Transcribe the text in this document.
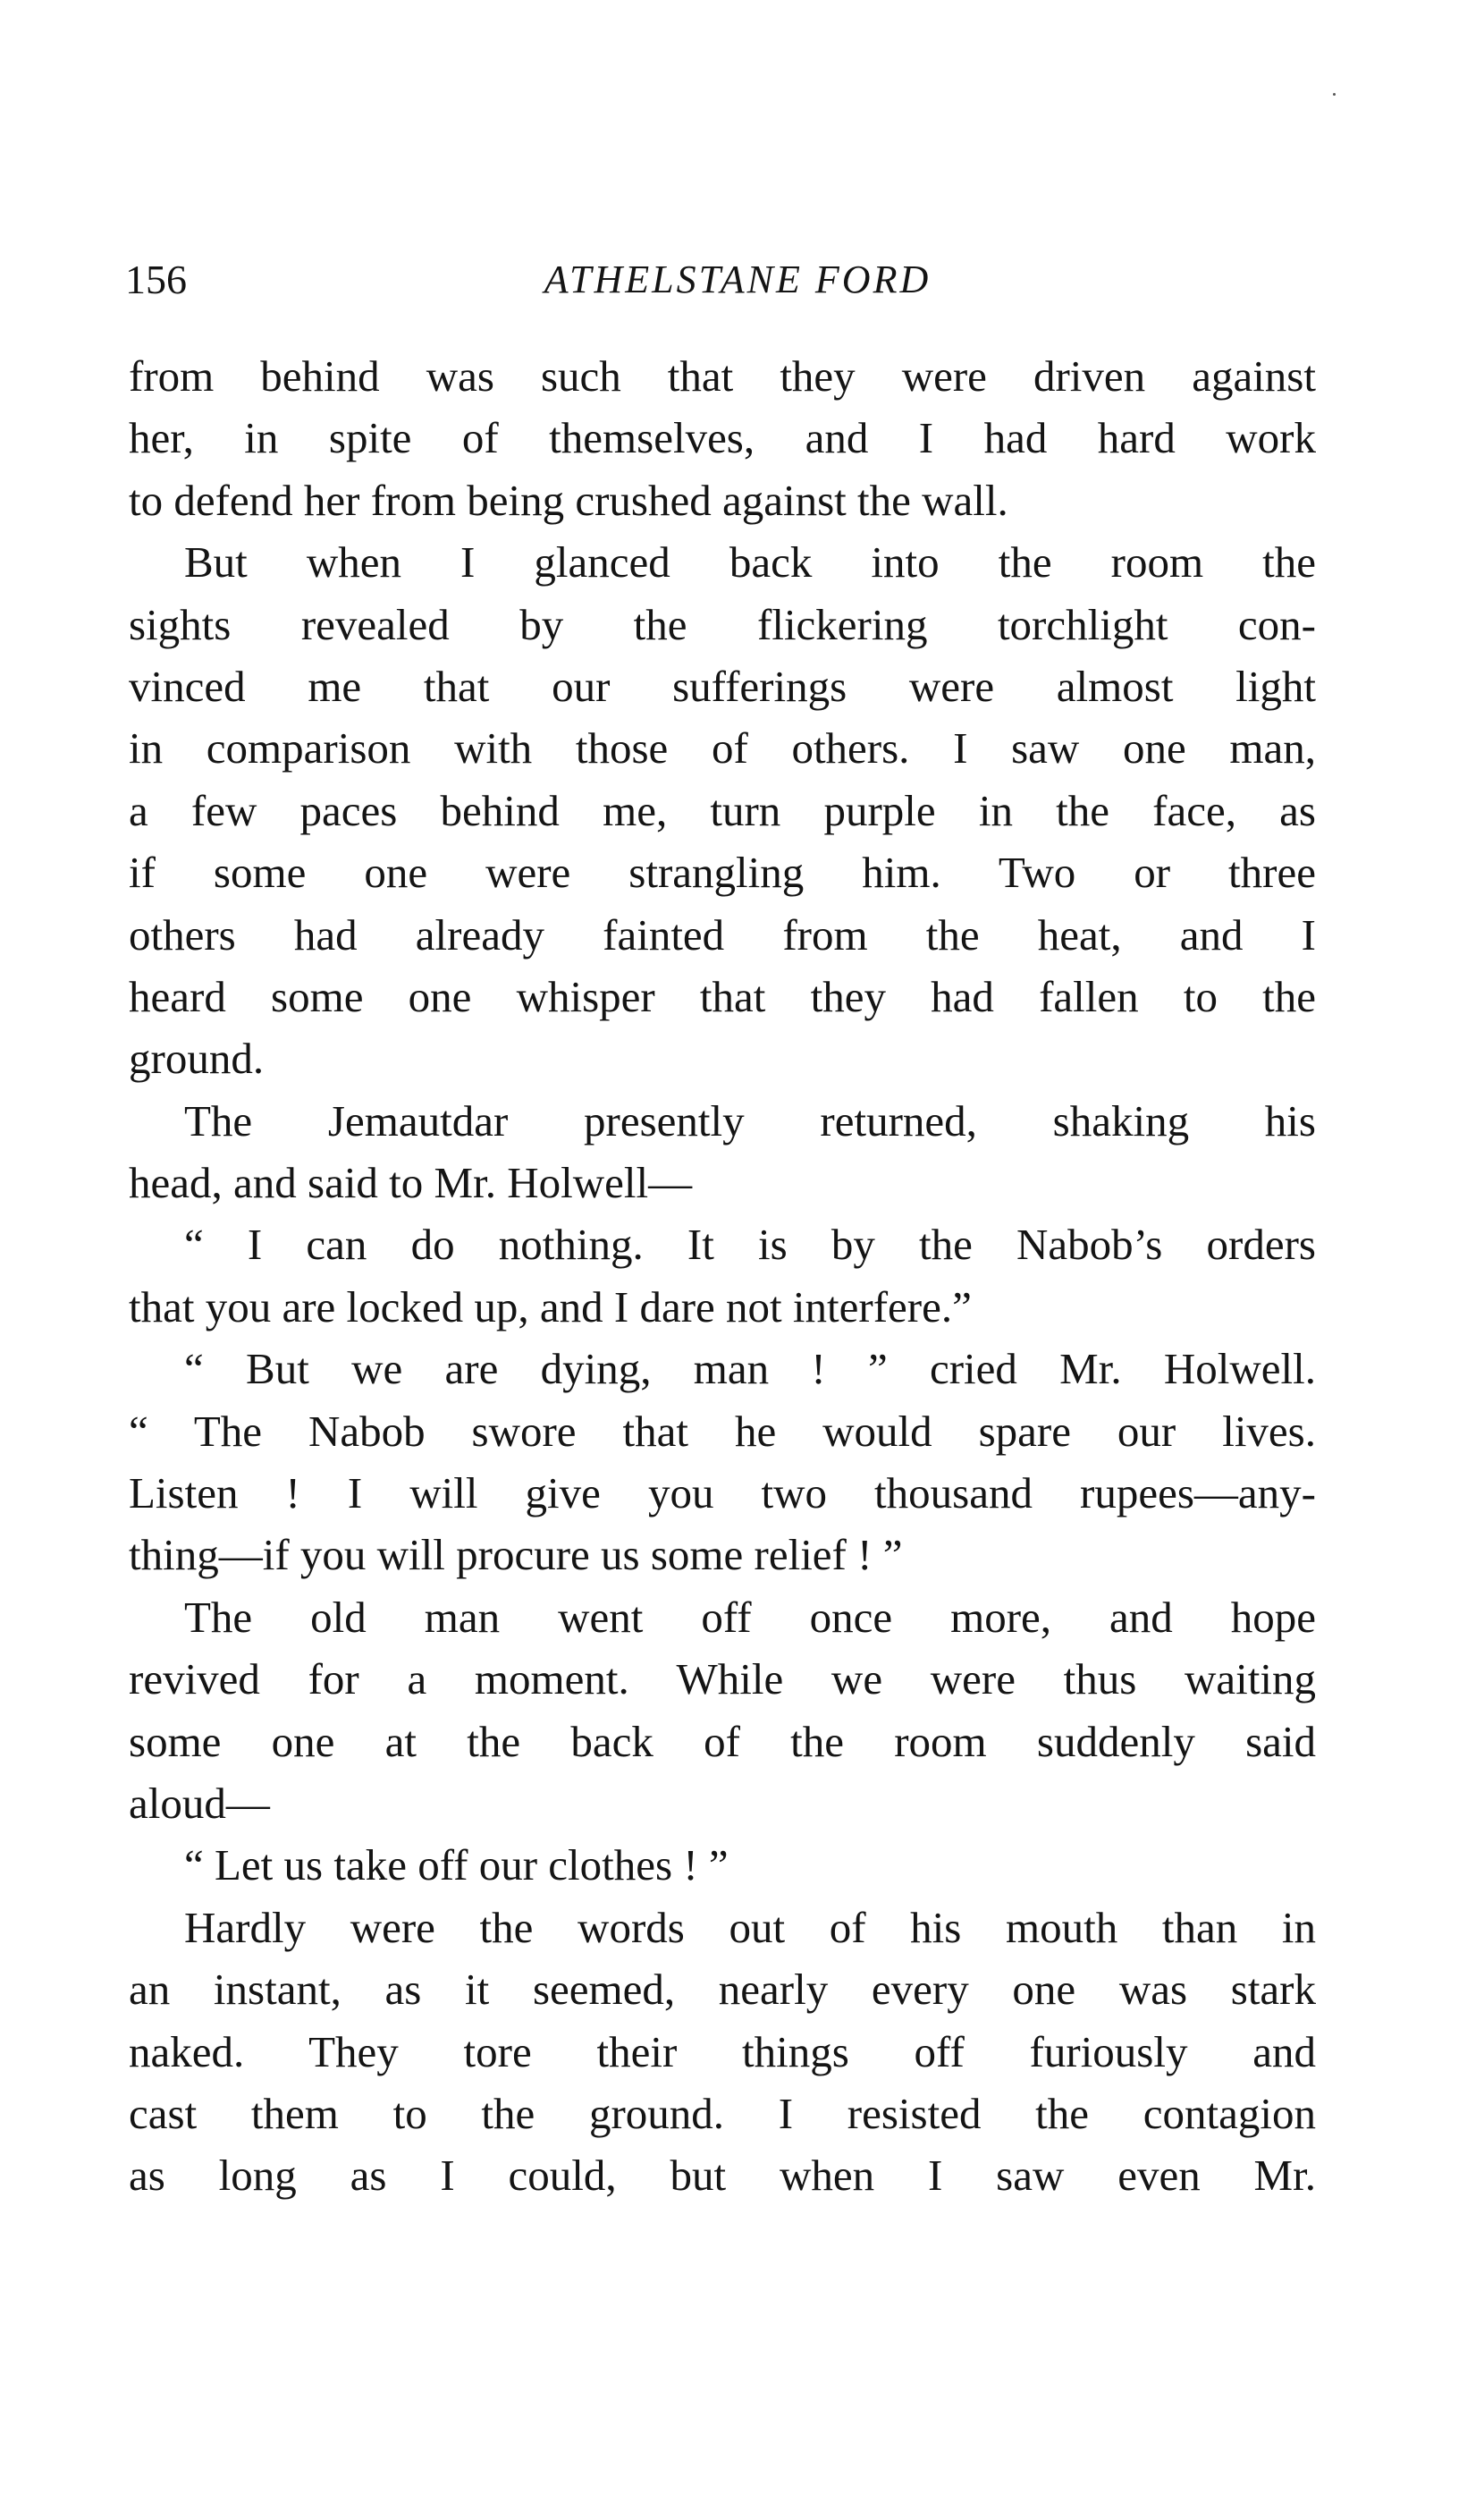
156	ATHELSTANE FORD
from behind was such that they were driven against
her, in spite of themselves, and I had hard work
to defend her from being crushed against the wall.
But when I glanced back into the room the
sights revealed by the flickering torchlight con-
vinced me that our sufferings were almost light
in comparison with those of others. I saw one man,
a few paces behind me, turn purple in the face, as
if some one were strangling him. Two or three
others had already fainted from the heat, and I
heard some one whisper that they had fallen to the
ground.
The Jemautdar presently returned, shaking his
head, and said to Mr. Holwell—
“ I can do nothing. It is by the Nabob’s orders
that you are locked up, and I dare not interfere.”
“ But we are dying, man ! ” cried Mr. Holwell.
“ The Nabob swore that he would spare our lives.
Listen ! I will give you two thousand rupees—any-
thing—if you will procure us some relief ! ”
The old man went off once more, and hope
revived for a moment. While we were thus waiting
some one at the back of the room suddenly said
aloud—
“ Let us take off our clothes ! ”
Hardly were the words out of his mouth than in
an instant, as it seemed, nearly every one was stark
naked. They tore their things off furiously and
cast them to the ground. I resisted the contagion
as long as I could, but when I saw even Mr.
